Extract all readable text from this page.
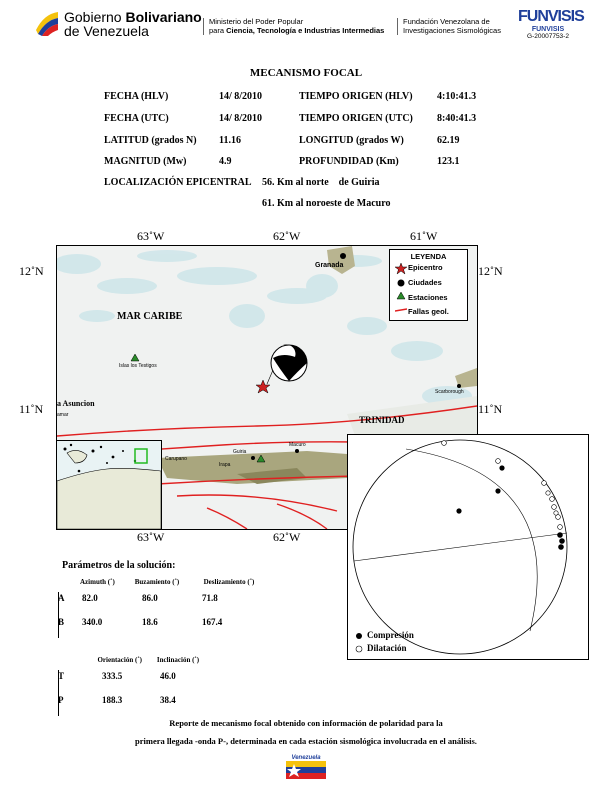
Gobierno Bolivariano
de Venezuela
Ministerio del Poder Popular
para Ciencia, Tecnología e Industrias Intermedias
Fundación Venezolana de
Investigaciones Sismológicas
FUNVISIS
FUNVISIS
G-20007753-2
MECANISMO FOCAL
FECHA (HLV)	14/ 8/2010	TIEMPO ORIGEN (HLV) 4:10:41.3
FECHA (UTC)	14/ 8/2010	TIEMPO ORIGEN (UTC) 8:40:41.3
LATITUD (grados N) 11.16	LONGITUD (grados W)	62.19
MAGNITUD (Mw)	4.9	PROFUNDIDAD (Km)	123.1
LOCALIZACIÓN EPICENTRAL 56. Km al norte    de Guiria
61. Km al noroeste de Macuro
63˚W	62˚W	61˚W
63˚W	62˚W
12˚N
11˚N
12˚N
11˚N
Granada
MAR CARIBE
Islas los Testigos
TRINIDAD
a Asuncion
amar
Scarborough
Guiria
Macuro
Irapa
Carupano
LEYENDA
Epicentro
Ciudades
Estaciones
Fallas geol.
Compresión
Dilatación
Parámetros de la solución:
	Azimuth (˚)	Buzamiento (˚)	Deslizamiento (˚)
A	82.0	86.0	71.8
B	340.0	18.6	167.4
	Orientación (˚)	Inclinación (˚)
T	333.5	46.0
P	188.3	38.4
Reporte de mecanismo focal obtenido con información de polaridad para la
primera llegada -onda P-, determinada en cada estación sismológica involucrada en el análisis.
Venezuela
